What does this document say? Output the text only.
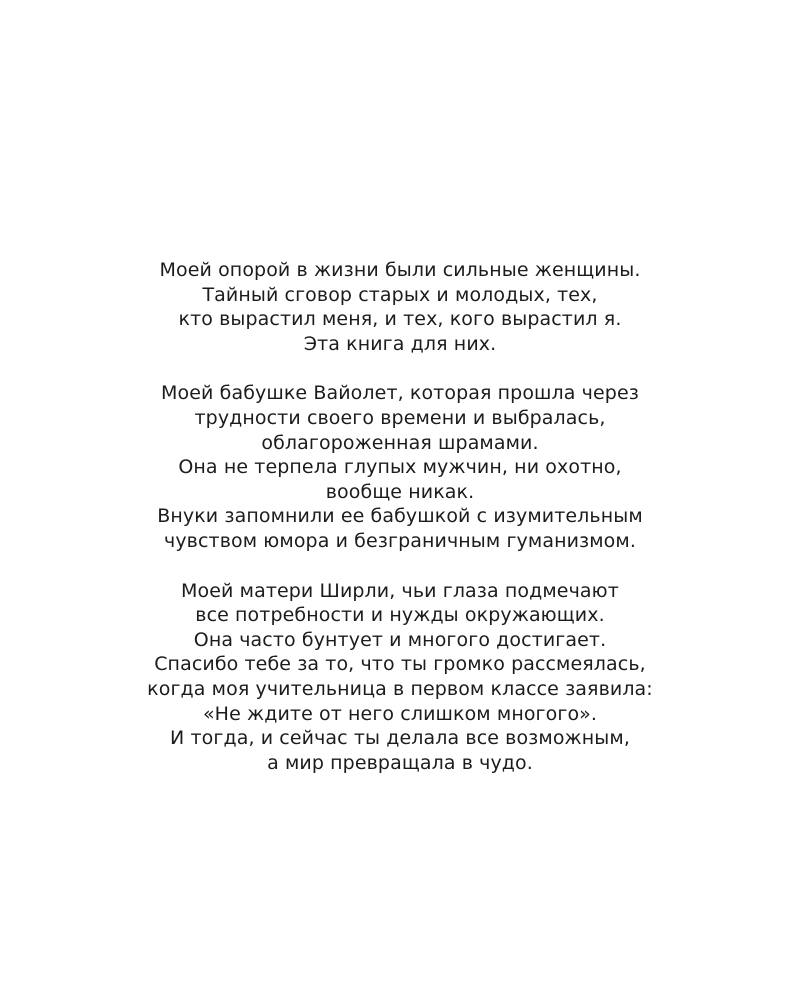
Моей опорой в жизни были сильные женщины.
Тайный сговор старых и молодых, тех,
кто вырастил меня, и тех, кого вырастил я.
Эта книга для них.

Моей бабушке Вайолет, которая прошла через
трудности своего времени и выбралась,
облагороженная шрамами.
Она не терпела глупых мужчин, ни охотно,
вообще никак.
Внуки запомнили ее бабушкой с изумительным
чувством юмора и безграничным гуманизмом.

Моей матери Ширли, чьи глаза подмечают
все потребности и нужды окружающих.
Она часто бунтует и многого достигает.
Спасибо тебе за то, что ты громко рассмеялась,
когда моя учительница в первом классе заявила:
«Не ждите от него слишком многого».
И тогда, и сейчас ты делала все возможным,
а мир превращала в чудо.
